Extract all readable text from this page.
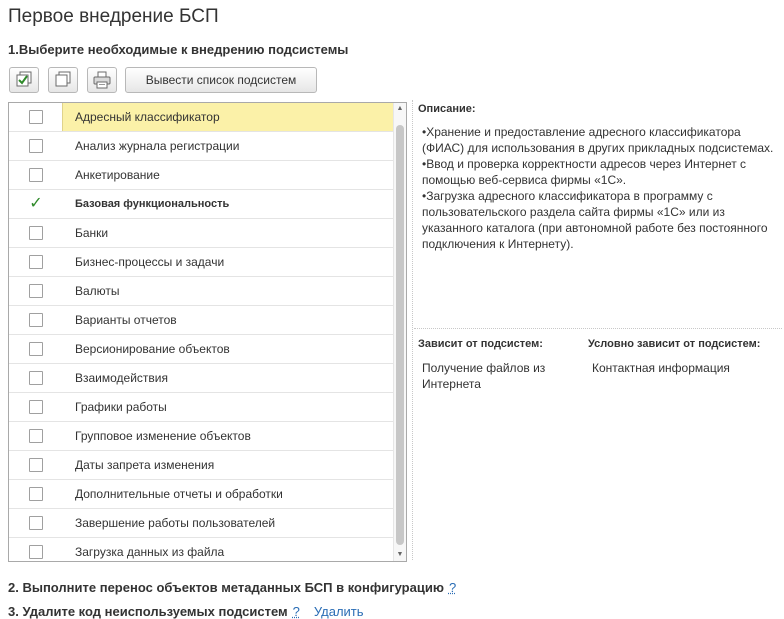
Первое внедрение БСП
1.Выберите необходимые к внедрению подсистемы
Вывести список подсистем
Адресный классификатор
Анализ журнала регистрации
Анкетирование
✓	Базовая функциональность
Банки
Бизнес-процессы и задачи
Валюты
Варианты отчетов
Версионирование объектов
Взаимодействия
Графики работы
Групповое изменение объектов
Даты запрета изменения
Дополнительные отчеты и обработки
Завершение работы пользователей
Загрузка данных из файла
▲
▼
Описание:
•Хранение и предоставление адресного классификатора (ФИАС) для использования в других прикладных подсистемах.
•Ввод и проверка корректности адресов через Интернет с помощью веб-сервиса фирмы «1С».
•Загрузка адресного классификатора в программу с пользовательского раздела сайта фирмы «1С» или из указанного каталога (при автономной работе без постоянного подключения к Интернету).
Зависит от подсистем:	Условно зависит от подсистем:
Получение файлов из Интернета
Контактная информация
2. Выполните перенос объектов метаданных БСП в конфигурацию ?
3. Удалите код неиспользуемых подсистем ? Удалить
